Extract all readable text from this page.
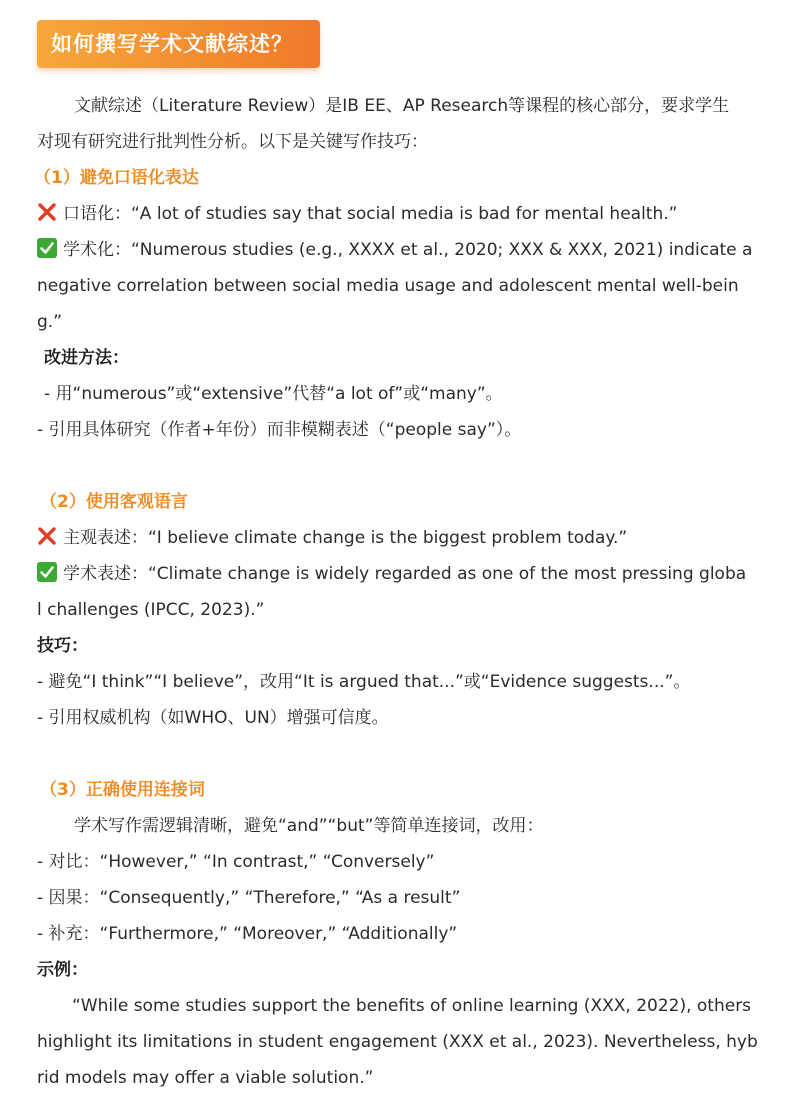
如何撰写学术文献综述？
文献综述（Literature Review）是IB EE、AP Research等课程的核心部分，要求学生
对现有研究进行批判性分析。以下是关键写作技巧：
（1）避免口语化表达
口语化：“A lot of studies say that social media is bad for mental health.”
学术化：“Numerous studies (e.g., XXXX et al., 2020; XXX & XXX, 2021) indicate a
negative correlation between social media usage and adolescent mental well-bein
g.”
改进方法：
- 用“numerous”或“extensive”代替“a lot of”或“many”。
- 引用具体研究（作者+年份）而非模糊表述（“people say”）。
（2）使用客观语言
主观表述：“I believe climate change is the biggest problem today.”
学术表述：“Climate change is widely regarded as one of the most pressing globa
l challenges (IPCC, 2023).”
技巧：
- 避免“I think”“I believe”，改用“It is argued that...”或“Evidence suggests...”。
- 引用权威机构（如WHO、UN）增强可信度。
（3）正确使用连接词
学术写作需逻辑清晰，避免“and”“but”等简单连接词，改用：
- 对比：“However,” “In contrast,” “Conversely”
- 因果：“Consequently,” “Therefore,” “As a result”
- 补充：“Furthermore,” “Moreover,” “Additionally”
示例：
“While some studies support the benefits of online learning (XXX, 2022), others
highlight its limitations in student engagement (XXX et al., 2023). Nevertheless, hyb
rid models may offer a viable solution.”
